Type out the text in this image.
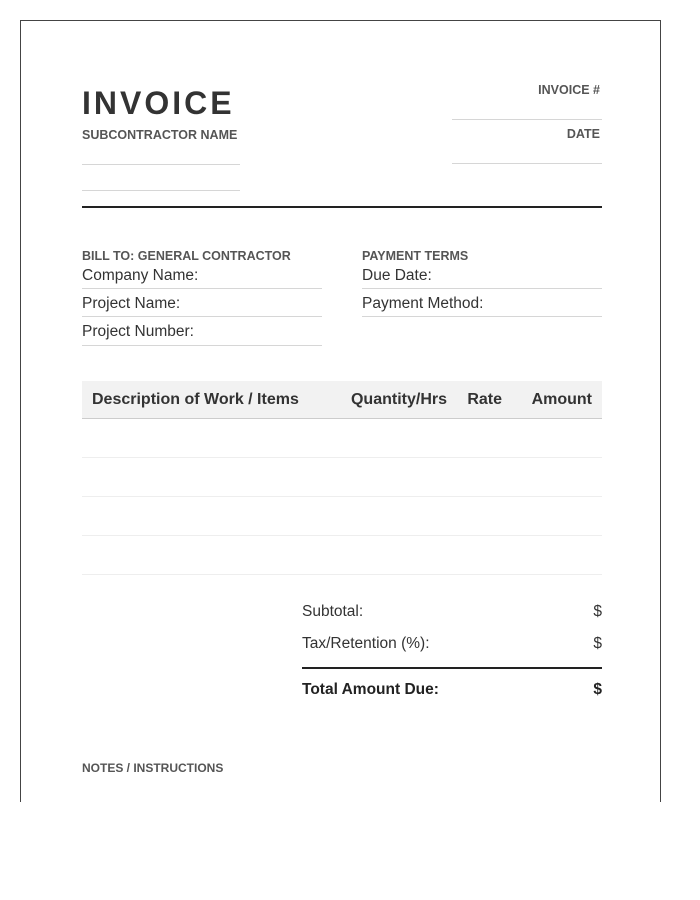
INVOICE
SUBCONTRACTOR NAME
INVOICE #
DATE
BILL TO: GENERAL CONTRACTOR
Company Name:
Project Name:
Project Number:
PAYMENT TERMS
Due Date:
Payment Method:
Description of Work / Items	Quantity/Hrs	Rate	Amount
Subtotal:	$
Tax/Retention (%):	$
Total Amount Due:	$
NOTES / INSTRUCTIONS
